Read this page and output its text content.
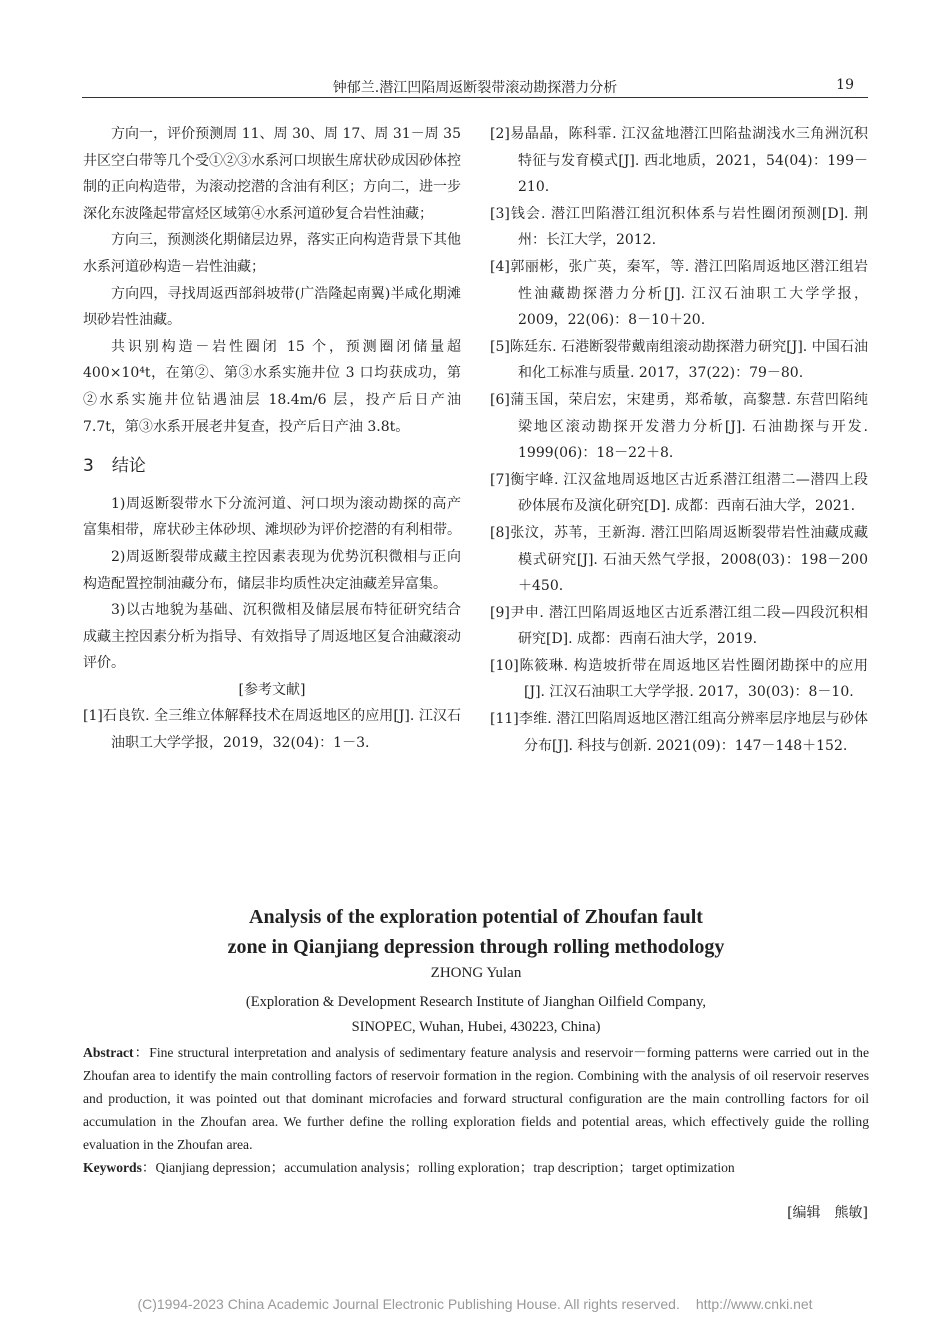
钟郁兰.潜江凹陷周返断裂带滚动勘探潜力分析	19

方向一，评价预测周 11、周 30、周 17、周 31－周 35 井区空白带等几个受①②③水系河口坝嵌生席状砂成因砂体控制的正向构造带，为滚动挖潜的含油有利区；方向二，进一步深化东波隆起带富烃区域第④水系河道砂复合岩性油藏；

方向三，预测淡化期储层边界，落实正向构造背景下其他水系河道砂构造－岩性油藏；

方向四，寻找周返西部斜坡带(广浩隆起南翼)半咸化期滩坝砂岩性油藏。

共识别构造－岩性圈闭 15 个，预测圈闭储量超 400×10⁴t，在第②、第③水系实施井位 3 口均获成功，第②水系实施井位钻遇油层 18.4m/6 层，投产后日产油 7.7t，第③水系开展老井复查，投产后日产油 3.8t。

3 结论

1)周返断裂带水下分流河道、河口坝为滚动勘探的高产富集相带，席状砂主体砂坝、滩坝砂为评价挖潜的有利相带。

2)周返断裂带成藏主控因素表现为优势沉积微相与正向构造配置控制油藏分布，储层非均质性决定油藏差异富集。

3)以古地貌为基础、沉积微相及储层展布特征研究结合成藏主控因素分析为指导、有效指导了周返地区复合油藏滚动评价。

[参考文献]

[1]石良钦. 全三维立体解释技术在周返地区的应用[J]. 江汉石油职工大学学报，2019，32(04)：1－3.

[2]易晶晶，陈科霏. 江汉盆地潜江凹陷盐湖浅水三角洲沉积特征与发育模式[J]. 西北地质，2021，54(04)：199－210.

[3]钱会. 潜江凹陷潜江组沉积体系与岩性圈闭预测[D]. 荆州：长江大学，2012.

[4]郭丽彬，张广英，秦军，等. 潜江凹陷周返地区潜江组岩性油藏勘探潜力分析[J]. 江汉石油职工大学学报，2009，22(06)：8－10＋20.

[5]陈廷东. 石港断裂带戴南组滚动勘探潜力研究[J]. 中国石油和化工标准与质量. 2017，37(22)：79－80.

[6]蒲玉国，荣启宏，宋建勇，郑希敏，高黎慧. 东营凹陷纯梁地区滚动勘探开发潜力分析[J]. 石油勘探与开发. 1999(06)：18－22＋8.

[7]衡宇峰. 江汉盆地周返地区古近系潜江组潜二—潜四上段砂体展布及演化研究[D]. 成都：西南石油大学，2021.

[8]张汶，苏苇，王新海. 潜江凹陷周返断裂带岩性油藏成藏模式研究[J]. 石油天然气学报，2008(03)：198－200＋450.

[9]尹申. 潜江凹陷周返地区古近系潜江组二段—四段沉积相研究[D]. 成都：西南石油大学，2019.

[10]陈筱琳. 构造坡折带在周返地区岩性圈闭勘探中的应用[J]. 江汉石油职工大学学报. 2017，30(03)：8－10.

[11]李维. 潜江凹陷周返地区潜江组高分辨率层序地层与砂体分布[J]. 科技与创新. 2021(09)：147－148＋152.

Analysis of the exploration potential of Zhoufan fault
zone in Qianjiang depression through rolling methodology
ZHONG Yulan
(Exploration & Development Research Institute of Jianghan Oilfield Company,
SINOPEC, Wuhan, Hubei, 430223, China)
Abstract：Fine structural interpretation and analysis of sedimentary feature analysis and reservoir－forming patterns were carried out in the Zhoufan area to identify the main controlling factors of reservoir formation in the region. Combining with the analysis of oil reservoir reserves and production, it was pointed out that dominant microfacies and forward structural configuration are the main controlling factors for oil accumulation in the Zhoufan area. We further define the rolling exploration fields and potential areas, which effectively guide the rolling evaluation in the Zhoufan area.
Keywords：Qianjiang depression；accumulation analysis；rolling exploration；trap description；target optimization
[编辑　熊敏]
(C)1994-2023 China Academic Journal Electronic Publishing House. All rights reserved. http://www.cnki.net
